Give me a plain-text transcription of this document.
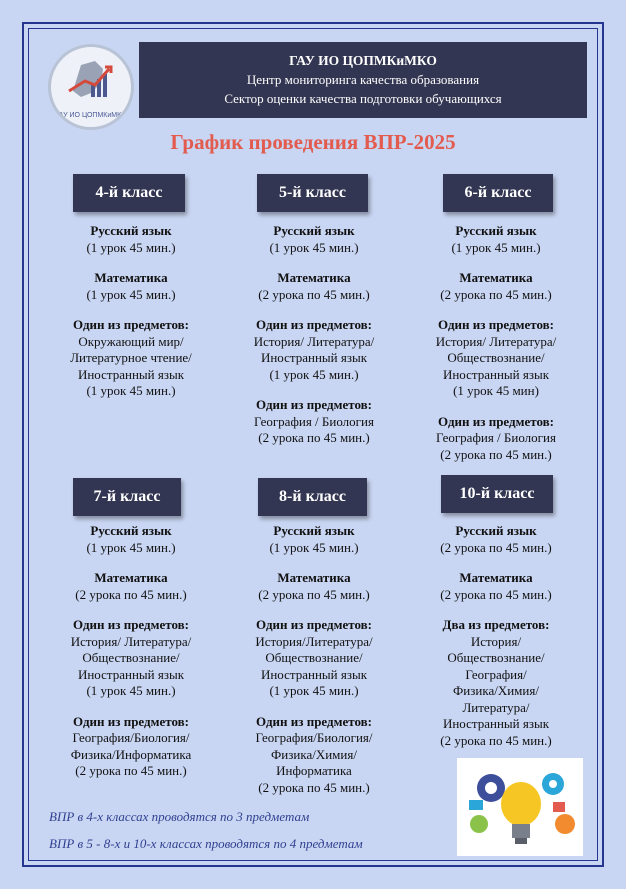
ГАУ ИО ЦОПМКиМКО
ГАУ ИО ЦОПМКиМКО
Центр мониторинга качества образования
Сектор оценки качества подготовки обучающихся
График проведения ВПР-2025
4-й класс	5-й класс	6-й класс
Русский язык
(1 урок 45 мин.)
Математика
(1 урок 45 мин.)
Один из предметов:
Окружающий мир/
Литературное чтение/
Иностранный язык
(1 урок 45 мин.)
Русский язык
(1 урок 45 мин.)
Математика
(2 урока по 45 мин.)
Один из предметов:
История/ Литература/
Иностранный язык
(1 урок 45 мин.)
Один из предметов:
География / Биология
(2 урока по 45 мин.)
Русский язык
(1 урок 45 мин.)
Математика
(2 урока по 45 мин.)
Один из предметов:
История/ Литература/
Обществознание/
Иностранный язык
(1 урок 45 мин)
Один из предметов:
География / Биология
(2 урока по 45 мин.)
7-й класс	8-й класс	10-й класс
Русский язык
(1 урок 45 мин.)
Математика
(2 урока по 45 мин.)
Один из предметов:
История/ Литература/
Обществознание/
Иностранный язык
(1 урок 45 мин.)
Один из предметов:
География/Биология/
Физика/Информатика
(2 урока по 45 мин.)
Русский язык
(1 урок 45 мин.)
Математика
(2 урока по 45 мин.)
Один из предметов:
История/Литература/
Обществознание/
Иностранный язык
(1 урок 45 мин.)
Один из предметов:
География/Биология/
Физика/Химия/
Информатика
(2 урока по 45 мин.)
Русский язык
(2 урока по 45 мин.)
Математика
(2 урока по 45 мин.)
Два из предметов:
История/
Обществознание/
География/
Физика/Химия/
Литература/
Иностранный язык
(2 урока по 45 мин.)
ВПР в 4-х классах проводятся по 3 предметам
ВПР в 5 - 8-х и 10-х классах проводятся по 4 предметам
